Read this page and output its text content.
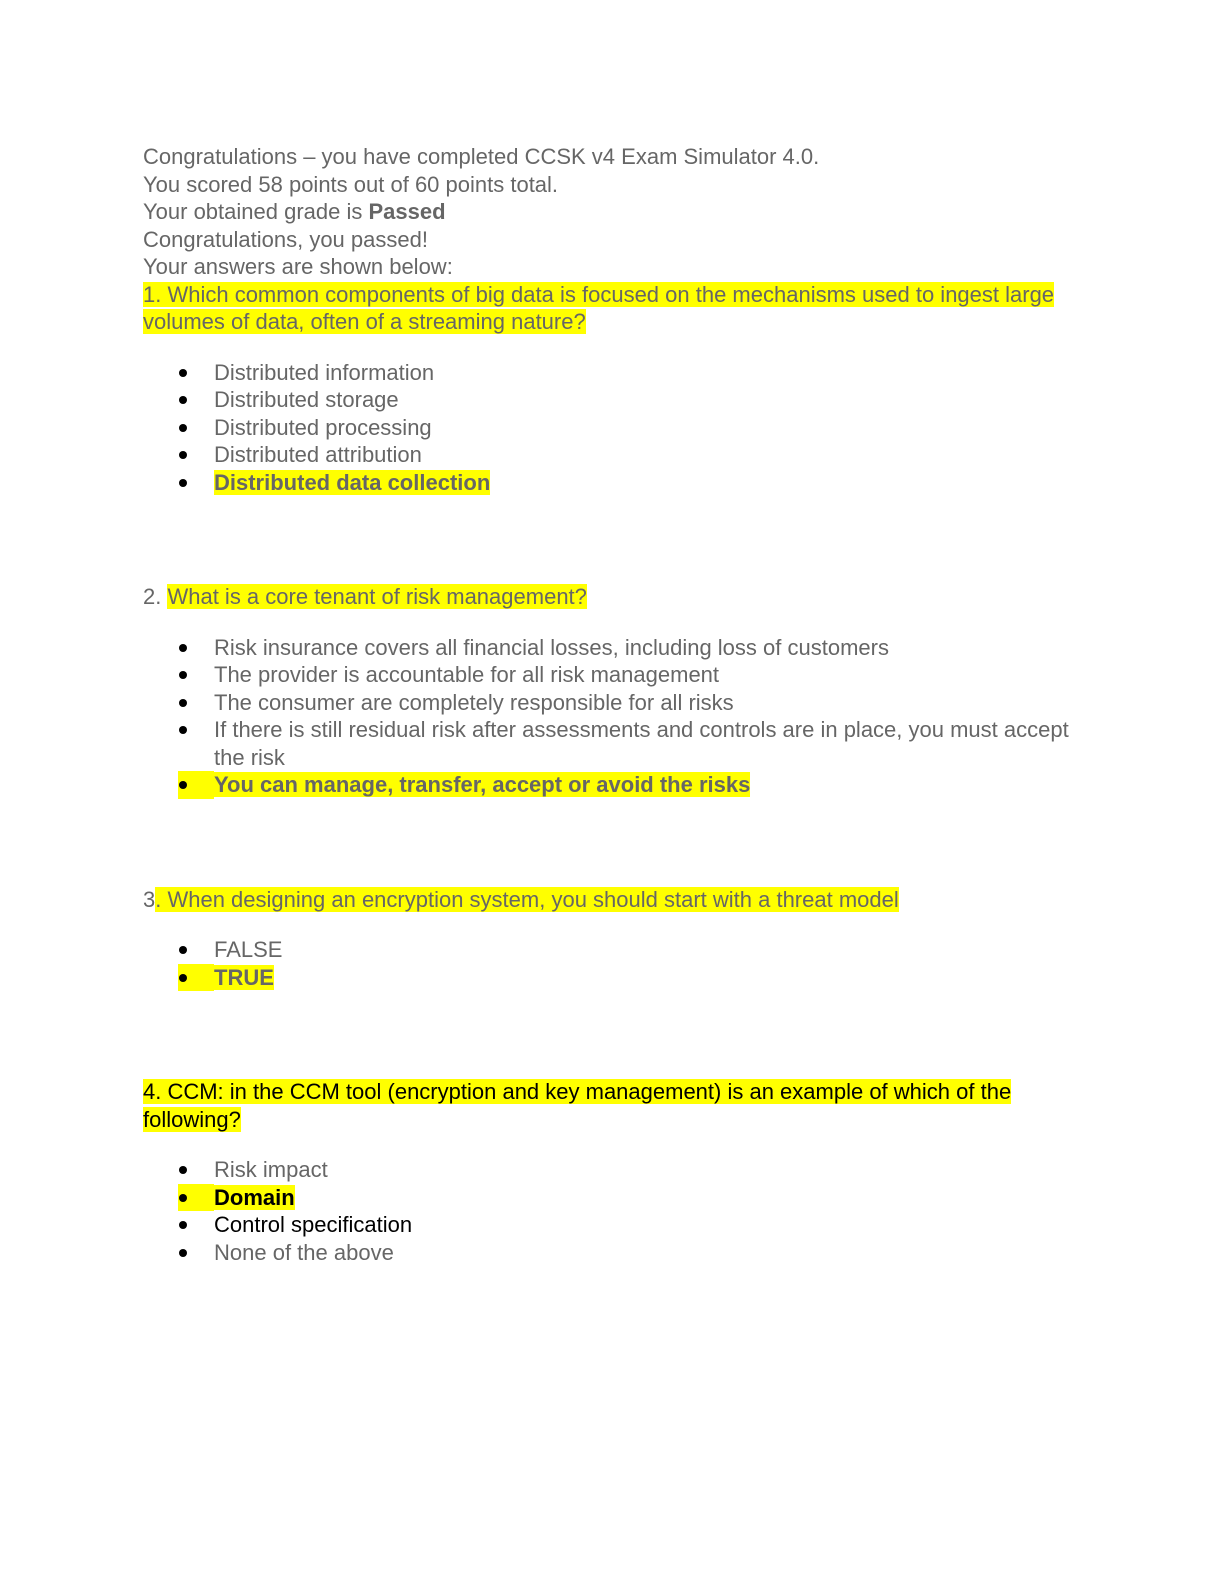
Congratulations – you have completed CCSK v4 Exam Simulator 4.0.

You scored 58 points out of 60 points total.

Your obtained grade is Passed

Congratulations, you passed!

Your answers are shown below:

1. Which common components of big data is focused on the mechanisms used to ingest large volumes of data, often of a streaming nature?

Distributed information
Distributed storage
Distributed processing
Distributed attribution
Distributed data collection

2. What is a core tenant of risk management?

Risk insurance covers all financial losses, including loss of customers
The provider is accountable for all risk management
The consumer are completely responsible for all risks
If there is still residual risk after assessments and controls are in place, you must accept the risk
You can manage, transfer, accept or avoid the risks

3. When designing an encryption system, you should start with a threat model

FALSE
TRUE

4. CCM: in the CCM tool (encryption and key management) is an example of which of the following?

Risk impact
Domain
Control specification
None of the above
